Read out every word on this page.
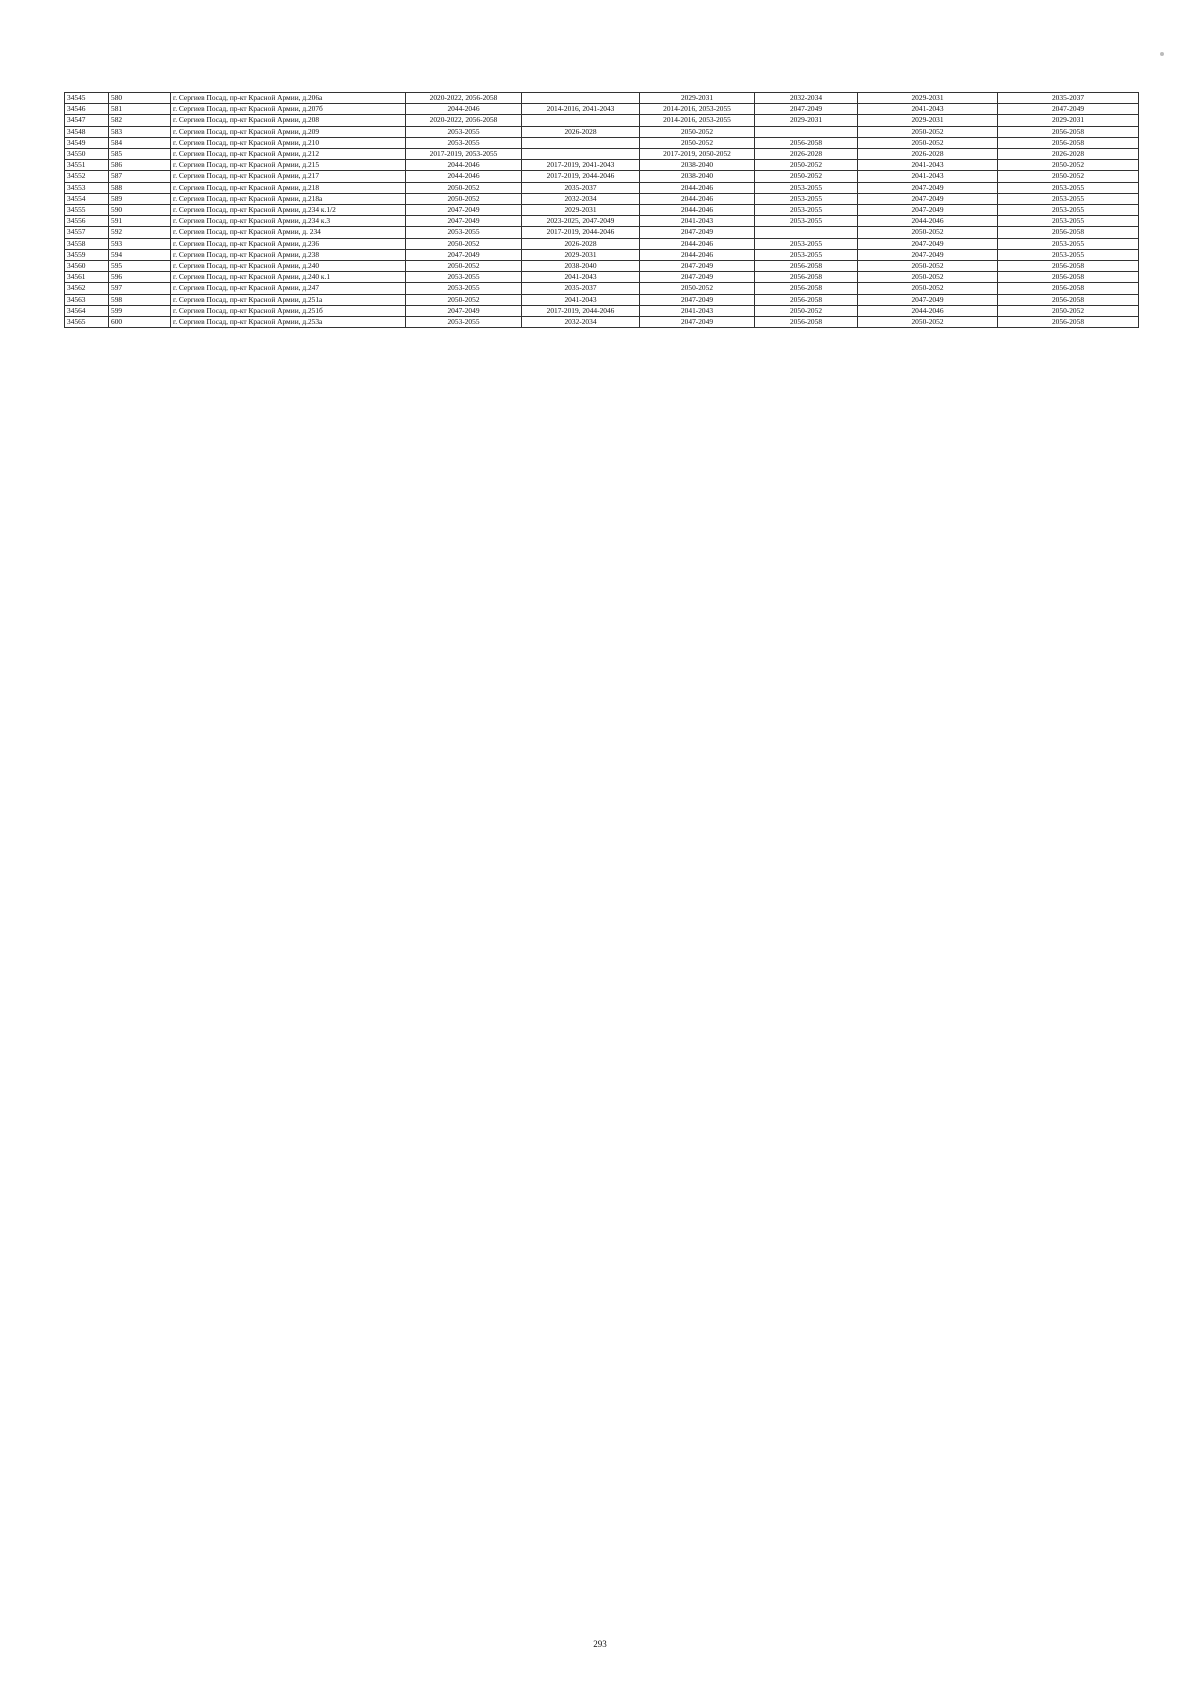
34545	580	г. Сергиев Посад, пр-кт Красной Армии, д.206а	2020-2022, 2056-2058		2029-2031	2032-2034	2029-2031	2035-2037
34546	581	г. Сергиев Посад, пр-кт Красной Армии, д.207б	2044-2046	2014-2016, 2041-2043	2014-2016, 2053-2055	2047-2049	2041-2043	2047-2049
34547	582	г. Сергиев Посад, пр-кт Красной Армии, д.208	2020-2022, 2056-2058		2014-2016, 2053-2055	2029-2031	2029-2031	2029-2031
34548	583	г. Сергиев Посад, пр-кт Красной Армии, д.209	2053-2055	2026-2028	2050-2052		2050-2052	2056-2058
34549	584	г. Сергиев Посад, пр-кт Красной Армии, д.210	2053-2055		2050-2052	2056-2058	2050-2052	2056-2058
34550	585	г. Сергиев Посад, пр-кт Красной Армии, д.212	2017-2019, 2053-2055		2017-2019, 2050-2052	2026-2028	2026-2028	2026-2028
34551	586	г. Сергиев Посад, пр-кт Красной Армии, д.215	2044-2046	2017-2019, 2041-2043	2038-2040	2050-2052	2041-2043	2050-2052
34552	587	г. Сергиев Посад, пр-кт Красной Армии, д.217	2044-2046	2017-2019, 2044-2046	2038-2040	2050-2052	2041-2043	2050-2052
34553	588	г. Сергиев Посад, пр-кт Красной Армии, д.218	2050-2052	2035-2037	2044-2046	2053-2055	2047-2049	2053-2055
34554	589	г. Сергиев Посад, пр-кт Красной Армии, д.218а	2050-2052	2032-2034	2044-2046	2053-2055	2047-2049	2053-2055
34555	590	г. Сергиев Посад, пр-кт Красной Армии, д.234 к.1/2	2047-2049	2029-2031	2044-2046	2053-2055	2047-2049	2053-2055
34556	591	г. Сергиев Посад, пр-кт Красной Армии, д.234 к.3	2047-2049	2023-2025, 2047-2049	2041-2043	2053-2055	2044-2046	2053-2055
34557	592	г. Сергиев Посад, пр-кт Красной Армии, д. 234	2053-2055	2017-2019, 2044-2046	2047-2049		2050-2052	2056-2058
34558	593	г. Сергиев Посад, пр-кт Красной Армии, д.236	2050-2052	2026-2028	2044-2046	2053-2055	2047-2049	2053-2055
34559	594	г. Сергиев Посад, пр-кт Красной Армии, д.238	2047-2049	2029-2031	2044-2046	2053-2055	2047-2049	2053-2055
34560	595	г. Сергиев Посад, пр-кт Красной Армии, д.240	2050-2052	2038-2040	2047-2049	2056-2058	2050-2052	2056-2058
34561	596	г. Сергиев Посад, пр-кт Красной Армии, д.240 к.1	2053-2055	2041-2043	2047-2049	2056-2058	2050-2052	2056-2058
34562	597	г. Сергиев Посад, пр-кт Красной Армии, д.247	2053-2055	2035-2037	2050-2052	2056-2058	2050-2052	2056-2058
34563	598	г. Сергиев Посад, пр-кт Красной Армии, д.251а	2050-2052	2041-2043	2047-2049	2056-2058	2047-2049	2056-2058
34564	599	г. Сергиев Посад, пр-кт Красной Армии, д.251б	2047-2049	2017-2019, 2044-2046	2041-2043	2050-2052	2044-2046	2050-2052
34565	600	г. Сергиев Посад, пр-кт Красной Армии, д.253а	2053-2055	2032-2034	2047-2049	2056-2058	2050-2052	2056-2058
293
